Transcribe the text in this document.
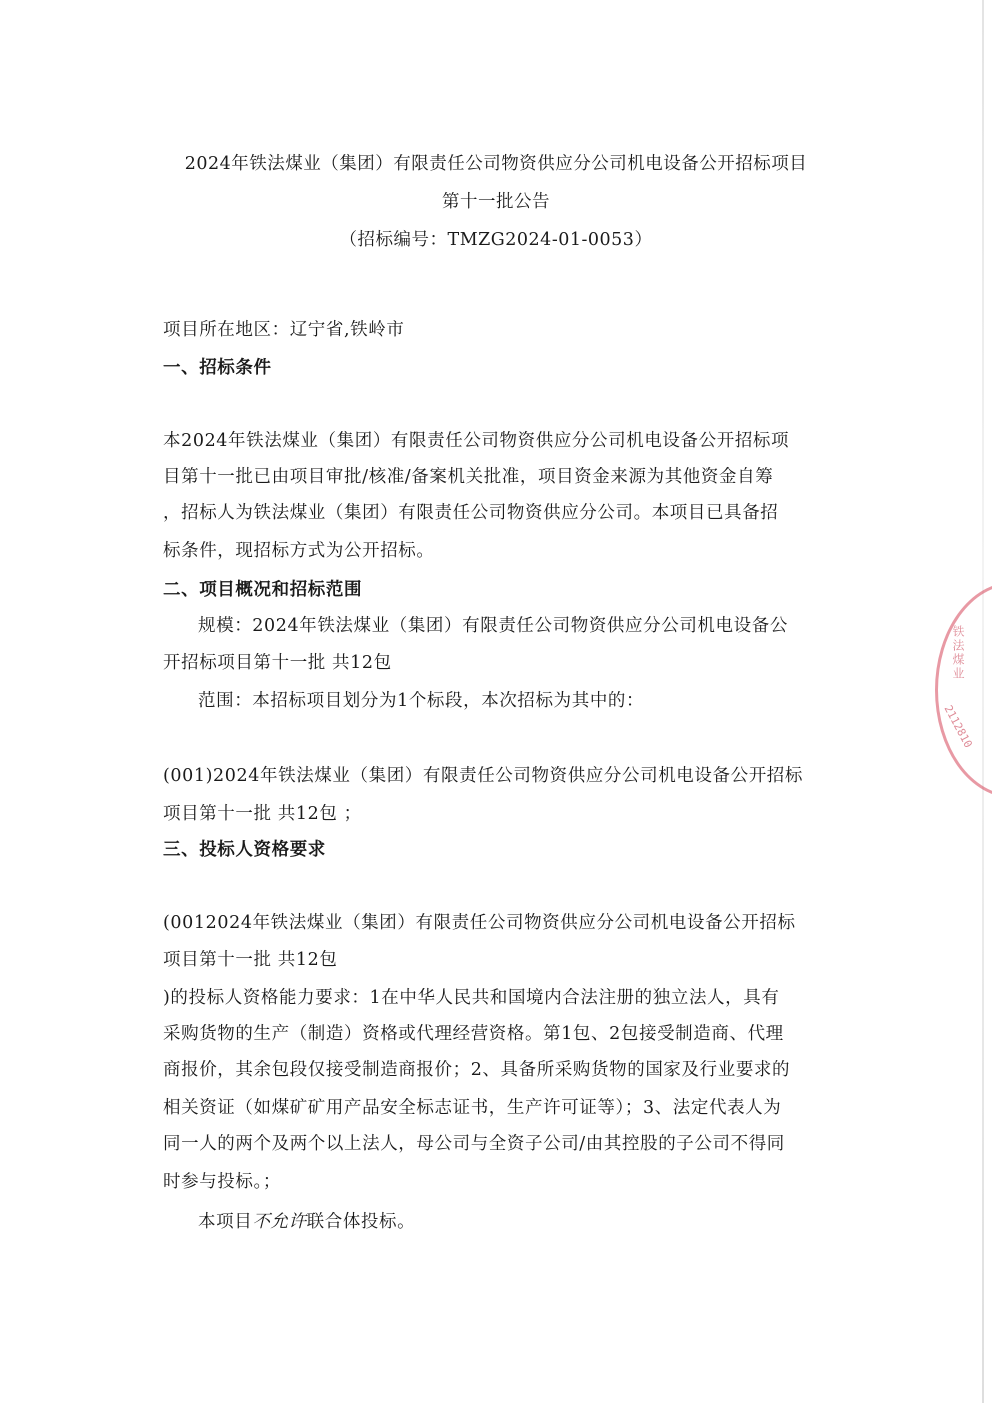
2024年铁法煤业（集团）有限责任公司物资供应分公司机电设备公开招标项目
第十一批公告
（招标编号：TMZG2024-01-0053）
项目所在地区：辽宁省,铁岭市
一、招标条件
本2024年铁法煤业（集团）有限责任公司物资供应分公司机电设备公开招标项
目第十一批已由项目审批/核准/备案机关批准，项目资金来源为其他资金自筹
，招标人为铁法煤业（集团）有限责任公司物资供应分公司。本项目已具备招
标条件，现招标方式为公开招标。
二、项目概况和招标范围
规模：2024年铁法煤业（集团）有限责任公司物资供应分公司机电设备公
开招标项目第十一批 共12包
范围：本招标项目划分为1个标段，本次招标为其中的：
(001)2024年铁法煤业（集团）有限责任公司物资供应分公司机电设备公开招标
项目第十一批 共12包 ；
三、投标人资格要求
(0012024年铁法煤业（集团）有限责任公司物资供应分公司机电设备公开招标
项目第十一批 共12包
)的投标人资格能力要求：1在中华人民共和国境内合法注册的独立法人，具有
采购货物的生产（制造）资格或代理经营资格。第1包、2包接受制造商、代理
商报价，其余包段仅接受制造商报价；2、具备所采购货物的国家及行业要求的
相关资证（如煤矿矿用产品安全标志证书，生产许可证等）；3、法定代表人为
同一人的两个及两个以上法人，母公司与全资子公司/由其控股的子公司不得同
时参与投标。；
本项目不允许联合体投标。
铁法煤业
2112810
